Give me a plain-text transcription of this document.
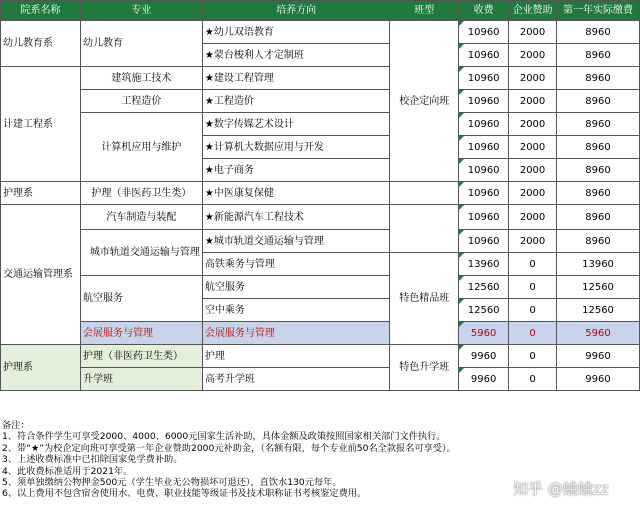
院系名称	专业	培养方向	班型	收费	企业赞助	第一年实际缴费
幼儿教育系	幼儿教育	★幼儿双语教育	校企定向班	10960	2000	8960
		★蒙台梭利人才定制班		10960	2000	8960
计建工程系	建筑施工技术	★建设工程管理		10960	2000	8960
	工程造价	★工程造价		10960	2000	8960
	计算机应用与维护	★数字传媒艺术设计		10960	2000	8960
		★计算机大数据应用与开发		10960	2000	8960
		★电子商务		10960	2000	8960
护理系	护理（非医药卫生类）	★中医康复保健		10960	2000	8960
交通运输管理系	汽车制造与装配	★新能源汽车工程技术		10960	2000	8960
	城市轨道交通运输与管理	★城市轨道交通运输与管理		10960	2000	8960
		高铁乘务与管理	特色精品班	13960	0	13960
	航空服务	航空服务		12560	0	12560
		空中乘务		12560	0	12560
	会展服务与管理	会展服务与管理		5960	0	5960
护理系	护理（非医药卫生类）	护理	特色升学班	9960	0	9960
	升学班	高考升学班		9960	0	9960
备注：
1、符合条件学生可享受2000、4000、6000元国家生活补助，具体金额及政策按照国家相关部门文件执行。
2、带“★”为校企定向班可享受第一年企业赞助2000元补助金，（名额有限，每个专业前50名全款报名可享受）。
3、上述收费标准中已扣除国家免学费补助。
4、此收费标准适用于2021年。
5、须单独缴纳公物押金500元（学生毕业无公物损坏可退还），直饮水130元每年。
6、以上费用不包含宿舍使用水、电费、职业技能等级证书及技术职称证书考核鉴定费用。	知乎 @蛐蛐zz
